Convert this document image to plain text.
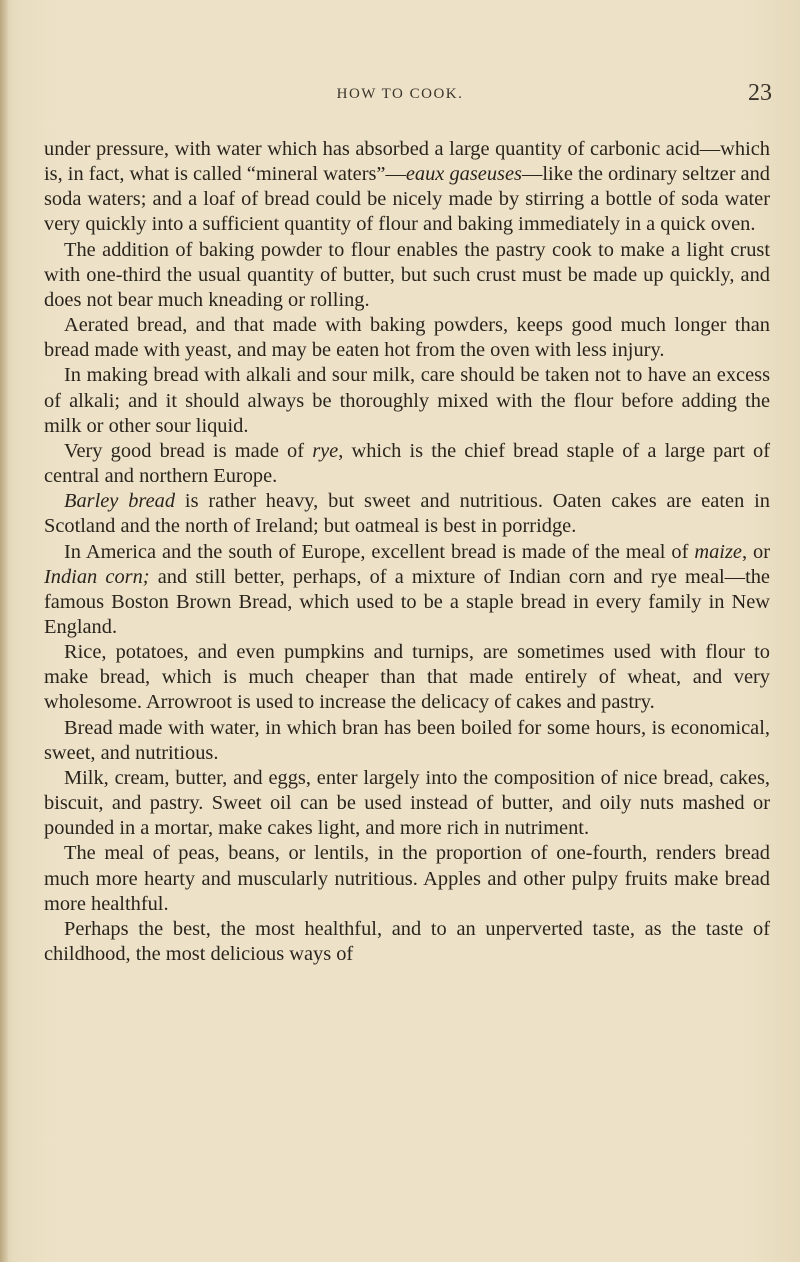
HOW TO COOK.	23

under pressure, with water which has absorbed a large quantity of carbonic acid—which is, in fact, what is called “mineral waters”—eaux gaseuses—like the ordinary seltzer and soda waters; and a loaf of bread could be nicely made by stirring a bottle of soda water very quickly into a sufficient quantity of flour and baking immediately in a quick oven.

The addition of baking powder to flour enables the pastry cook to make a light crust with one-third the usual quantity of butter, but such crust must be made up quickly, and does not bear much kneading or rolling.

Aerated bread, and that made with baking powders, keeps good much longer than bread made with yeast, and may be eaten hot from the oven with less injury.

In making bread with alkali and sour milk, care should be taken not to have an excess of alkali; and it should always be thoroughly mixed with the flour before adding the milk or other sour liquid.

Very good bread is made of rye, which is the chief bread staple of a large part of central and northern Europe.

Barley bread is rather heavy, but sweet and nutritious. Oaten cakes are eaten in Scotland and the north of Ireland; but oatmeal is best in porridge.

In America and the south of Europe, excellent bread is made of the meal of maize, or Indian corn; and still better, perhaps, of a mixture of Indian corn and rye meal—the famous Boston Brown Bread, which used to be a staple bread in every family in New England.

Rice, potatoes, and even pumpkins and turnips, are sometimes used with flour to make bread, which is much cheaper than that made entirely of wheat, and very wholesome. Arrowroot is used to increase the delicacy of cakes and pastry.

Bread made with water, in which bran has been boiled for some hours, is economical, sweet, and nutritious.

Milk, cream, butter, and eggs, enter largely into the composition of nice bread, cakes, biscuit, and pastry. Sweet oil can be used instead of butter, and oily nuts mashed or pounded in a mortar, make cakes light, and more rich in nutriment.

The meal of peas, beans, or lentils, in the proportion of one-fourth, renders bread much more hearty and muscularly nutritious. Apples and other pulpy fruits make bread more healthful.

Perhaps the best, the most healthful, and to an unperverted taste, as the taste of childhood, the most delicious ways of
